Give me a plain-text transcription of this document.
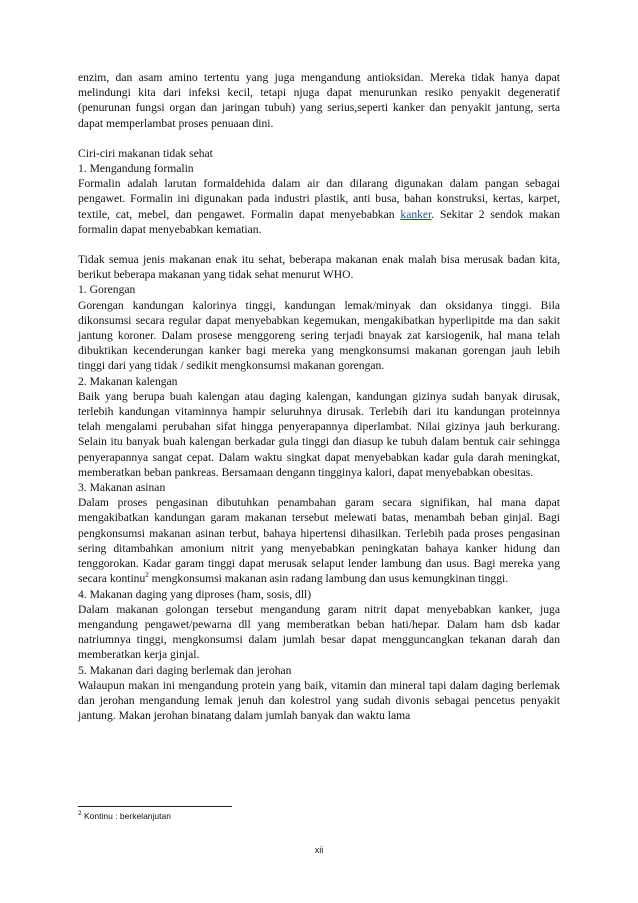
enzim, dan asam amino tertentu yang juga mengandung antioksidan. Mereka tidak hanya dapat melindungi kita dari infeksi kecil, tetapi njuga dapat menurunkan resiko penyakit degeneratif (penurunan fungsi organ dan jaringan tubuh) yang serius,seperti kanker dan penyakit jantung, serta dapat memperlambat proses penuaan dini.

Ciri-ciri makanan tidak sehat

1. Mengandung formalin

Formalin adalah larutan formaldehida dalam air dan dilarang digunakan dalam pangan sebagai pengawet. Formalin ini digunakan pada industri plastik, anti busa, bahan konstruksi, kertas, karpet, textile, cat, mebel, dan pengawet. Formalin dapat menyebabkan kanker. Sekitar 2 sendok makan formalin dapat menyebabkan kematian.

Tidak semua jenis makanan enak itu sehat, beberapa makanan enak malah bisa merusak badan kita, berikut beberapa makanan yang tidak sehat menurut WHO.

1. Gorengan

Gorengan kandungan kalorinya tinggi, kandungan lemak/minyak dan oksidanya tinggi. Bila dikonsumsi secara regular dapat menyebabkan kegemukan, mengakibatkan hyperlipitde ma dan sakit jantung koroner. Dalam prosese menggoreng sering terjadi bnayak zat karsiogenik, hal mana telah dibuktikan kecenderungan kanker bagi mereka yang mengkonsumsi makanan gorengan jauh lebih tinggi dari yang tidak / sedikit mengkonsumsi makanan gorengan.

2. Makanan kalengan

Baik yang berupa buah kalengan atau daging kalengan, kandungan gizinya sudah banyak dirusak, terlebih kandungan vitaminnya hampir seluruhnya dirusak. Terlebih dari itu kandungan proteinnya telah mengalami perubahan sifat hingga penyerapannya diperlambat. Nilai gizinya jauh berkurang. Selain itu banyak buah kalengan berkadar gula tinggi dan diasup ke tubuh dalam bentuk cair sehingga penyerapannya sangat cepat. Dalam waktu singkat dapat menyebabkan kadar gula darah meningkat, memberatkan beban pankreas. Bersamaan dengann tingginya kalori, dapat menyebabkan obesitas.

3. Makanan asinan

Dalam proses pengasinan dibutuhkan penambahan garam secara signifikan, hal mana dapat mengakibatkan kandungan garam makanan tersebut melewati batas, menambah beban ginjal. Bagi pengkonsumsi makanan asinan terbut, bahaya hipertensi dihasilkan. Terlebih pada proses pengasinan sering ditambahkan amonium nitrit yang menyebabkan peningkatan bahaya kanker hidung dan tenggorokan. Kadar garam tinggi dapat merusak selaput lender lambung dan usus. Bagi mereka yang secara kontinu$^2$ mengkonsumsi makanan asin radang lambung dan usus kemungkinan tinggi.

4. Makanan daging yang diproses (ham, sosis, dll)

Dalam makanan golongan tersebut mengandung garam nitrit dapat menyebabkan kanker, juga mengandung pengawet/pewarna dll yang memberatkan beban hati/hepar. Dalam ham dsb kadar natriumnya tinggi, mengkonsumsi dalam jumlah besar dapat mengguncangkan tekanan darah dan memberatkan kerja ginjal.

5. Makanan dari daging berlemak dan jerohan

Walaupun makan ini mengandung protein yang baik, vitamin dan mineral tapi dalam daging berlemak dan jerohan mengandung lemak jenuh dan kolestrol yang sudah divonis sebagai pencetus penyakit jantung. Makan jerohan binatang dalam jumlah banyak dan waktu lama

$^2$ Kontinu : berkelanjutan
xii
